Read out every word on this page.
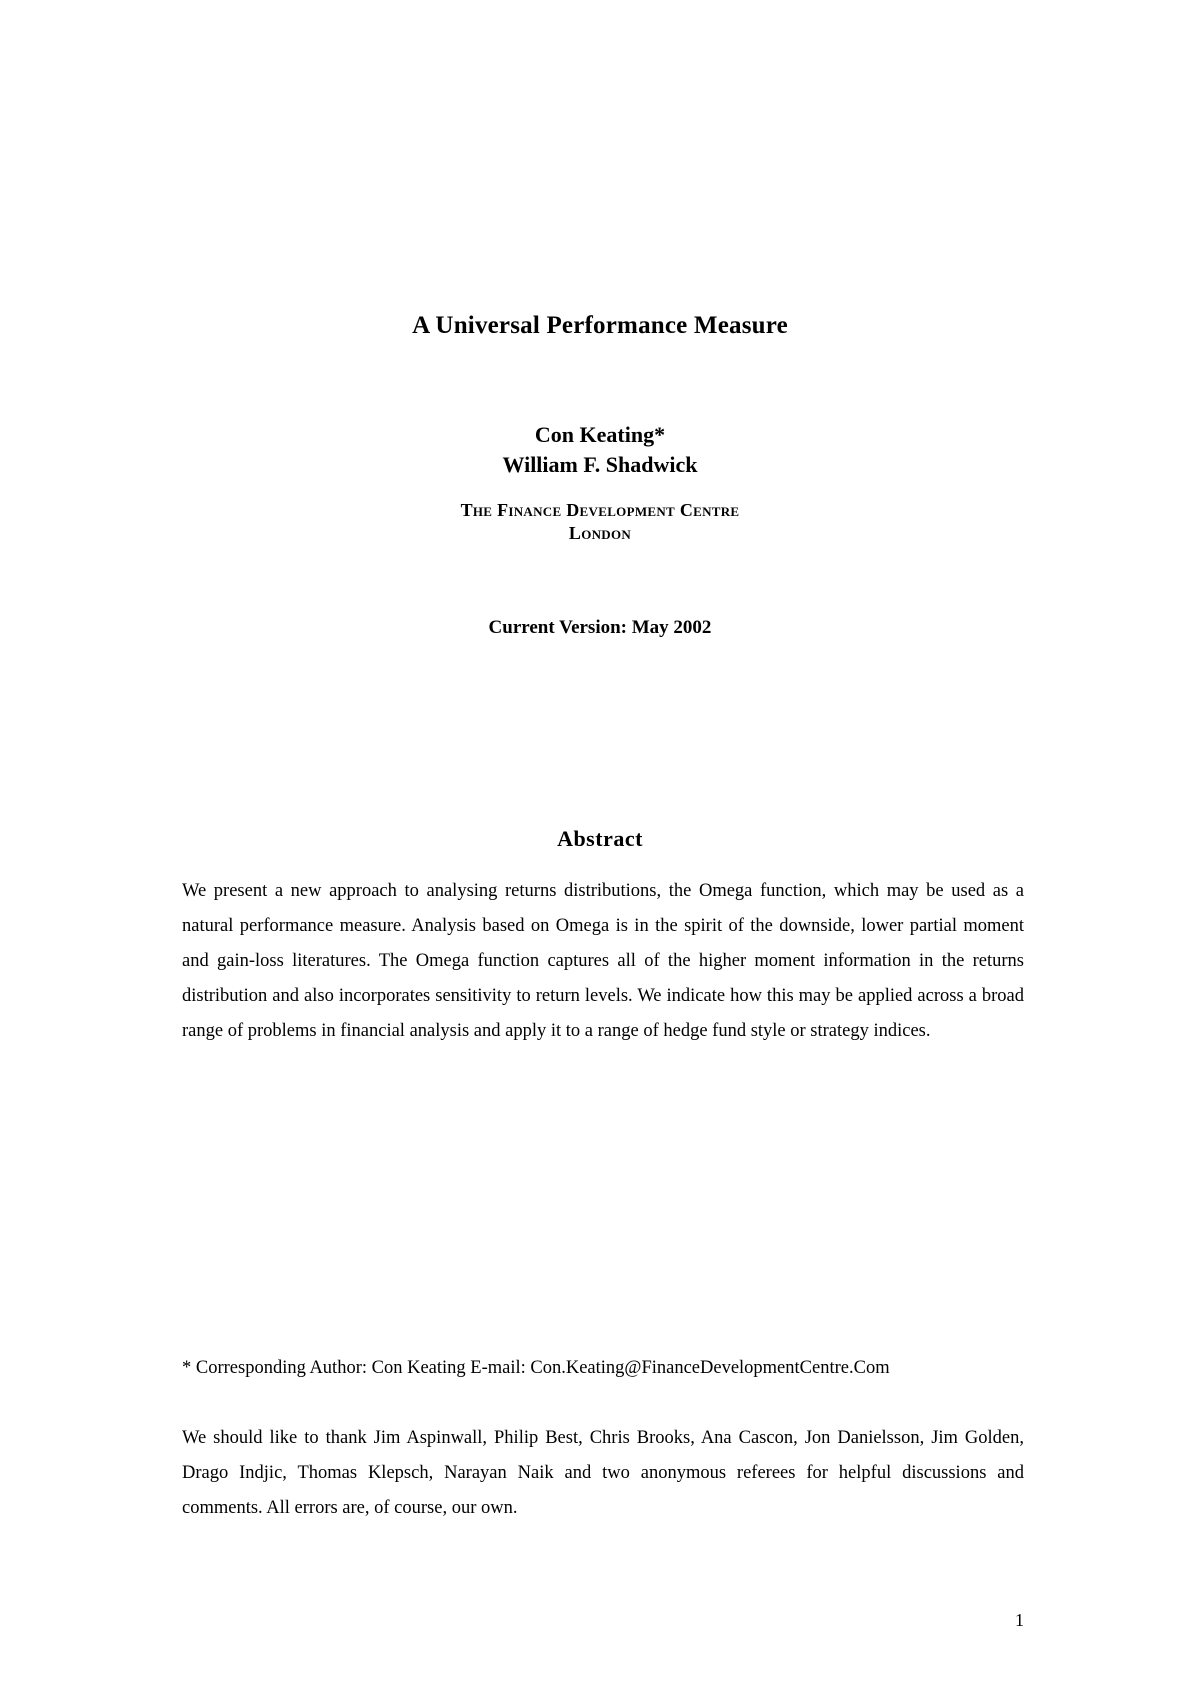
A Universal Performance Measure
Con Keating*
William F. Shadwick
The Finance Development Centre
London
Current Version: May 2002
Abstract
We present a new approach to analysing returns distributions, the Omega function, which may be used as a natural performance measure. Analysis based on Omega is in the spirit of the downside, lower partial moment and gain-loss literatures. The Omega function captures all of the higher moment information in the returns distribution and also incorporates sensitivity to return levels. We indicate how this may be applied across a broad range of problems in financial analysis and apply it to a range of hedge fund style or strategy indices.
* Corresponding Author: Con Keating E-mail: Con.Keating@FinanceDevelopmentCentre.Com
We should like to thank Jim Aspinwall, Philip Best, Chris Brooks, Ana Cascon, Jon Danielsson, Jim Golden, Drago Indjic, Thomas Klepsch, Narayan Naik and two anonymous referees for helpful discussions and comments. All errors are, of course, our own.
1
